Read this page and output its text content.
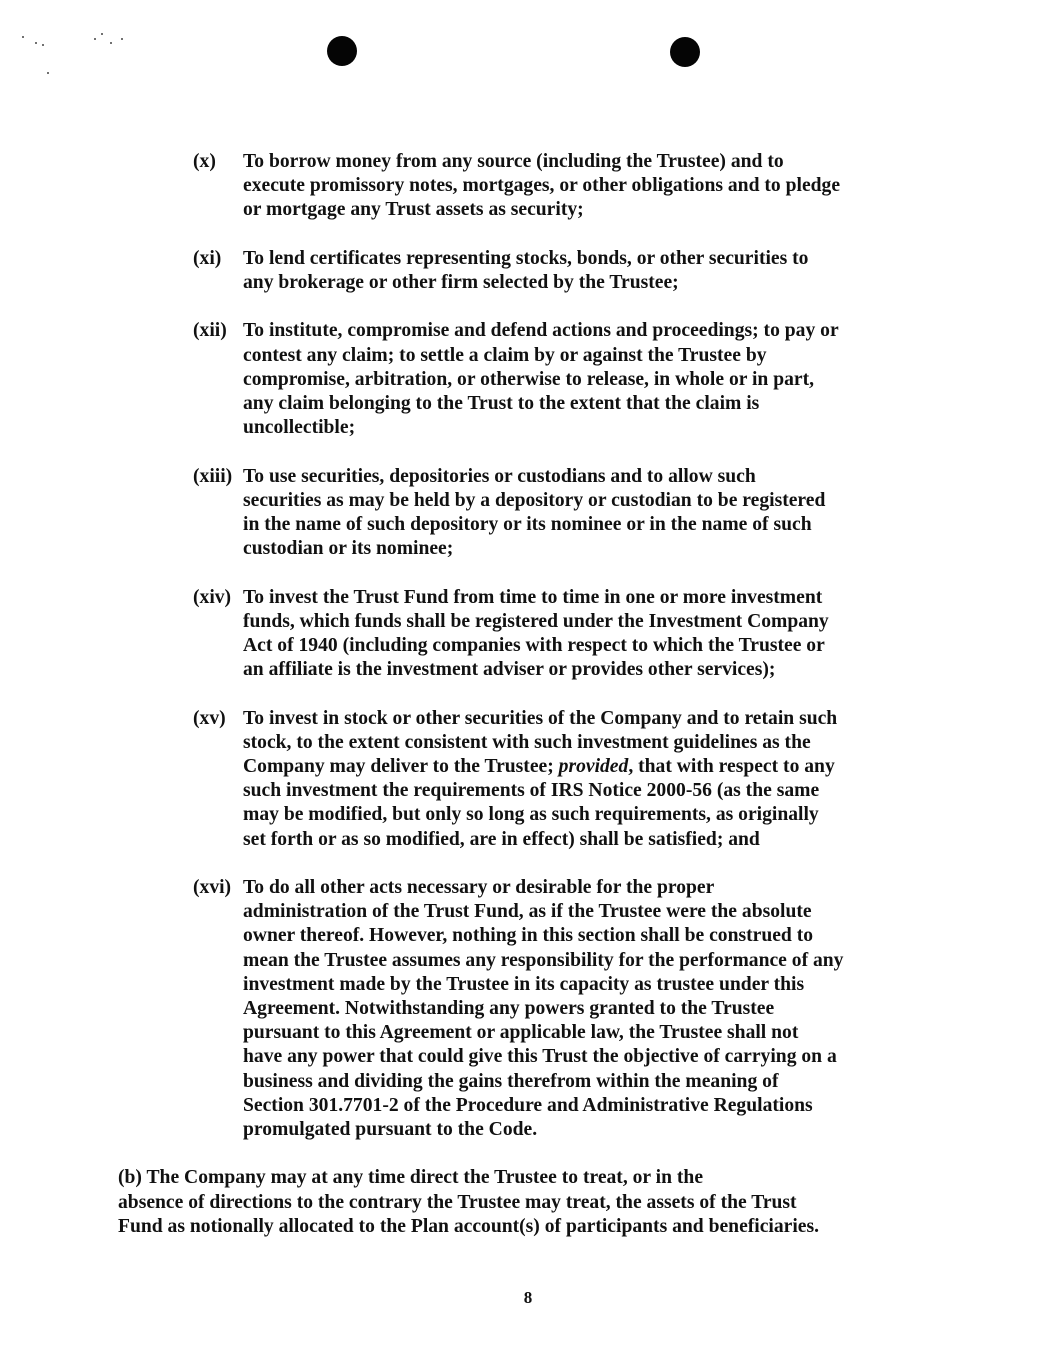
(x) To borrow money from any source (including the Trustee) and to
execute promissory notes, mortgages, or other obligations and to pledge
or mortgage any Trust assets as security;
(xi) To lend certificates representing stocks, bonds, or other securities to
any brokerage or other firm selected by the Trustee;
(xii) To institute, compromise and defend actions and proceedings; to pay or
contest any claim; to settle a claim by or against the Trustee by
compromise, arbitration, or otherwise to release, in whole or in part,
any claim belonging to the Trust to the extent that the claim is
uncollectible;
(xiii) To use securities, depositories or custodians and to allow such
securities as may be held by a depository or custodian to be registered
in the name of such depository or its nominee or in the name of such
custodian or its nominee;
(xiv) To invest the Trust Fund from time to time in one or more investment
funds, which funds shall be registered under the Investment Company
Act of 1940 (including companies with respect to which the Trustee or
an affiliate is the investment adviser or provides other services);
(xv) To invest in stock or other securities of the Company and to retain such
stock, to the extent consistent with such investment guidelines as the
Company may deliver to the Trustee; provided, that with respect to any
such investment the requirements of IRS Notice 2000-56 (as the same
may be modified, but only so long as such requirements, as originally
set forth or as so modified, are in effect) shall be satisfied; and
(xvi) To do all other acts necessary or desirable for the proper
administration of the Trust Fund, as if the Trustee were the absolute
owner thereof. However, nothing in this section shall be construed to
mean the Trustee assumes any responsibility for the performance of any
investment made by the Trustee in its capacity as trustee under this
Agreement. Notwithstanding any powers granted to the Trustee
pursuant to this Agreement or applicable law, the Trustee shall not
have any power that could give this Trust the objective of carrying on a
business and dividing the gains therefrom within the meaning of
Section 301.7701-2 of the Procedure and Administrative Regulations
promulgated pursuant to the Code.
(b) The Company may at any time direct the Trustee to treat, or in the
absence of directions to the contrary the Trustee may treat, the assets of the Trust
Fund as notionally allocated to the Plan account(s) of participants and beneficiaries.
8
